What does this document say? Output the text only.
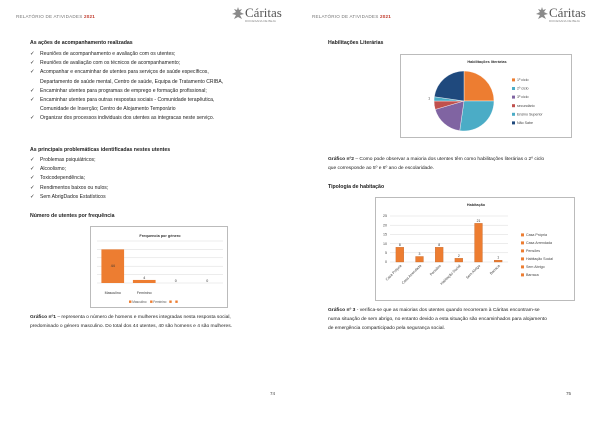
RELATÓRIO DE ATIVIDADES 2021	Cáritas
DIOCESANA DE BEJA
As ações de acompanhamento realizadas
✓ Reuniões de acompanhamento e avaliação com os utentes;
✓ Reuniões de avaliação com os técnicos de acompanhamento;
✓ Acompanhar e encaminhar de utentes para serviços de saúde específicos,
Departamento de saúde mental, Centro de saúde, Equipa de Tratamento CRIBA,
✓ Encaminhar utentes para programas de emprego e formação profissional;
✓ Encaminhar utentes para outras respostas sociais - Comunidade terapêutica,
Comunidade de Inserção; Centro de Alojamento Temporário
✓ Organizar dos processos individuais dos utentes as integracas neste serviço.
As principais problemáticas identificadas nestes utentes
✓ Problemas psiquiátricos;
✓ Alcoolismo;
✓ Toxicodependência;
✓ Rendimentos baixos ou nulos;
✓ Sem AbrigDados Estatísticos
Número de utentes por frequência
Frequencia por género
44
Masculino
4
Feminino
0	0
Masculino Feminino
Gráfico nº1 – representa o número de homens e mulheres integradas nesta resposta social,
predominado o género masculino. Do total dos 44 utentes, 40 são homens e 4 são mulheres.
74
RELATÓRIO DE ATIVIDADES 2021	Cáritas
DIOCESANA DE BEJA
Habilitações Literárias
Habilitações literárias
1
1º ciclo
2º ciclo
3º ciclo
secundário
Ensino Superior
Não Sabe
Gráfico nº2 – Como pode observar a maioria dos utentes têm como habilitações literárias o 2º ciclo
que corresponde ao 5º e 6º ano de escolaridade.
Tipologia de habitação
Habitação
0
5
10
15
20
25
8
Casa Própria
3
Casa Arrendada
8
Pensões
2
Habitação Social
21
Sem Abrigo
1
Barraca
Casa Própria
Casa Arrendada
Pensões
Habitação Social
Sem Abrigo
Barraca
Gráfico nº 3 - verifica-se que as maiorias dos utentes quando recorreram à Cáritas encontram-se
numa situação de sem abrigo, no entanto devido a esta situação são encaminhados para alojamento
de emergência comparticipado pela segurança social.
75
